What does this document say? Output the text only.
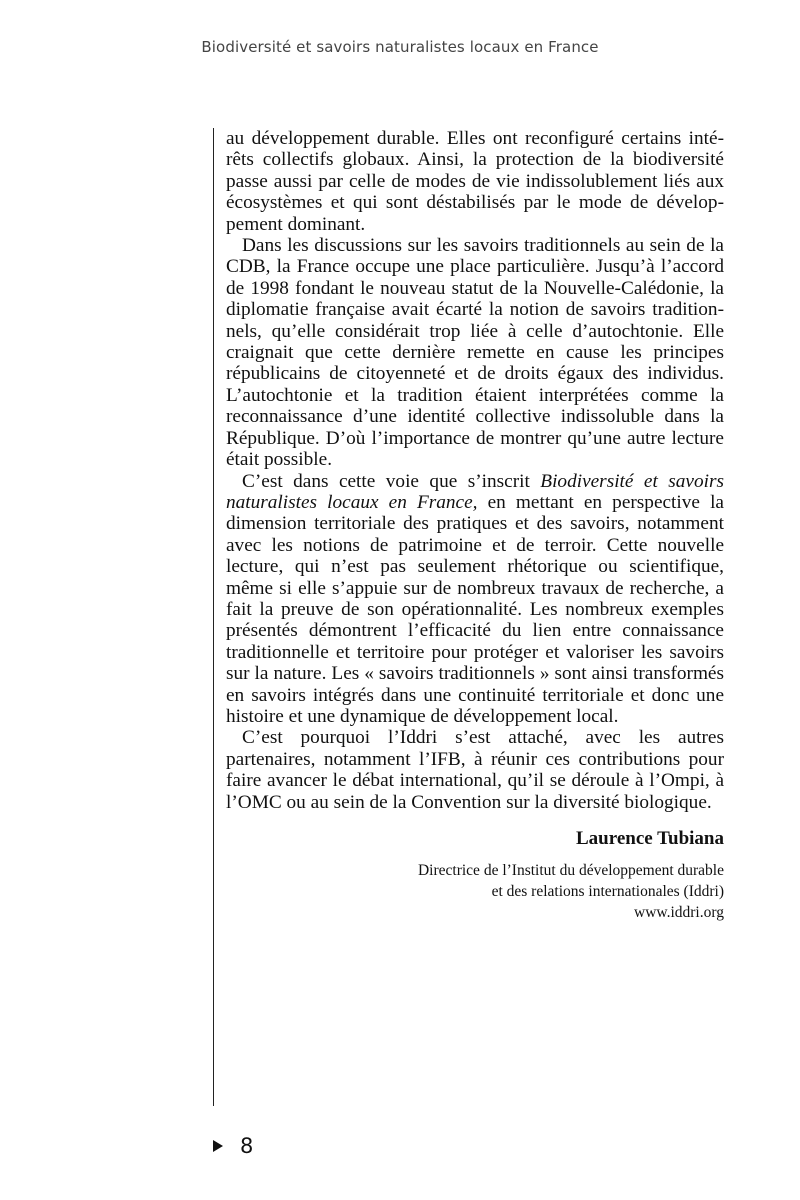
Biodiversité et savoirs naturalistes locaux en France

au développement durable. Elles ont reconfiguré certains intérêts collectifs globaux. Ainsi, la protection de la biodiversité passe aussi par celle de modes de vie indissolublement liés aux écosystèmes et qui sont déstabilisés par le mode de développement dominant.

Dans les discussions sur les savoirs traditionnels au sein de la CDB, la France occupe une place particulière. Jusqu’à l’accord de 1998 fondant le nouveau statut de la Nouvelle-Calédonie, la diplomatie française avait écarté la notion de savoirs traditionnels, qu’elle considérait trop liée à celle d’autochtonie. Elle craignait que cette dernière remette en cause les principes républicains de citoyenneté et de droits égaux des individus. L’autochtonie et la tradition étaient interprétées comme la reconnaissance d’une identité collective indissoluble dans la République. D’où l’importance de montrer qu’une autre lecture était possible.

C’est dans cette voie que s’inscrit Biodiversité et savoirs naturalistes locaux en France, en mettant en perspective la dimension territoriale des pratiques et des savoirs, notamment avec les notions de patrimoine et de terroir. Cette nouvelle lecture, qui n’est pas seulement rhétorique ou scientifique, même si elle s’appuie sur de nombreux travaux de recherche, a fait la preuve de son opérationnalité. Les nombreux exemples présentés démontrent l’efficacité du lien entre connaissance traditionnelle et territoire pour protéger et valoriser les savoirs sur la nature. Les « savoirs traditionnels » sont ainsi transformés en savoirs intégrés dans une continuité territoriale et donc une histoire et une dynamique de développement local.

C’est pourquoi l’Iddri s’est attaché, avec les autres partenaires, notamment l’IFB, à réunir ces contributions pour faire avancer le débat international, qu’il se déroule à l’Ompi, à l’OMC ou au sein de la Convention sur la diversité biologique.

Laurence Tubiana
Directrice de l’Institut du développement durable
et des relations internationales (Iddri)
www.iddri.org
8
